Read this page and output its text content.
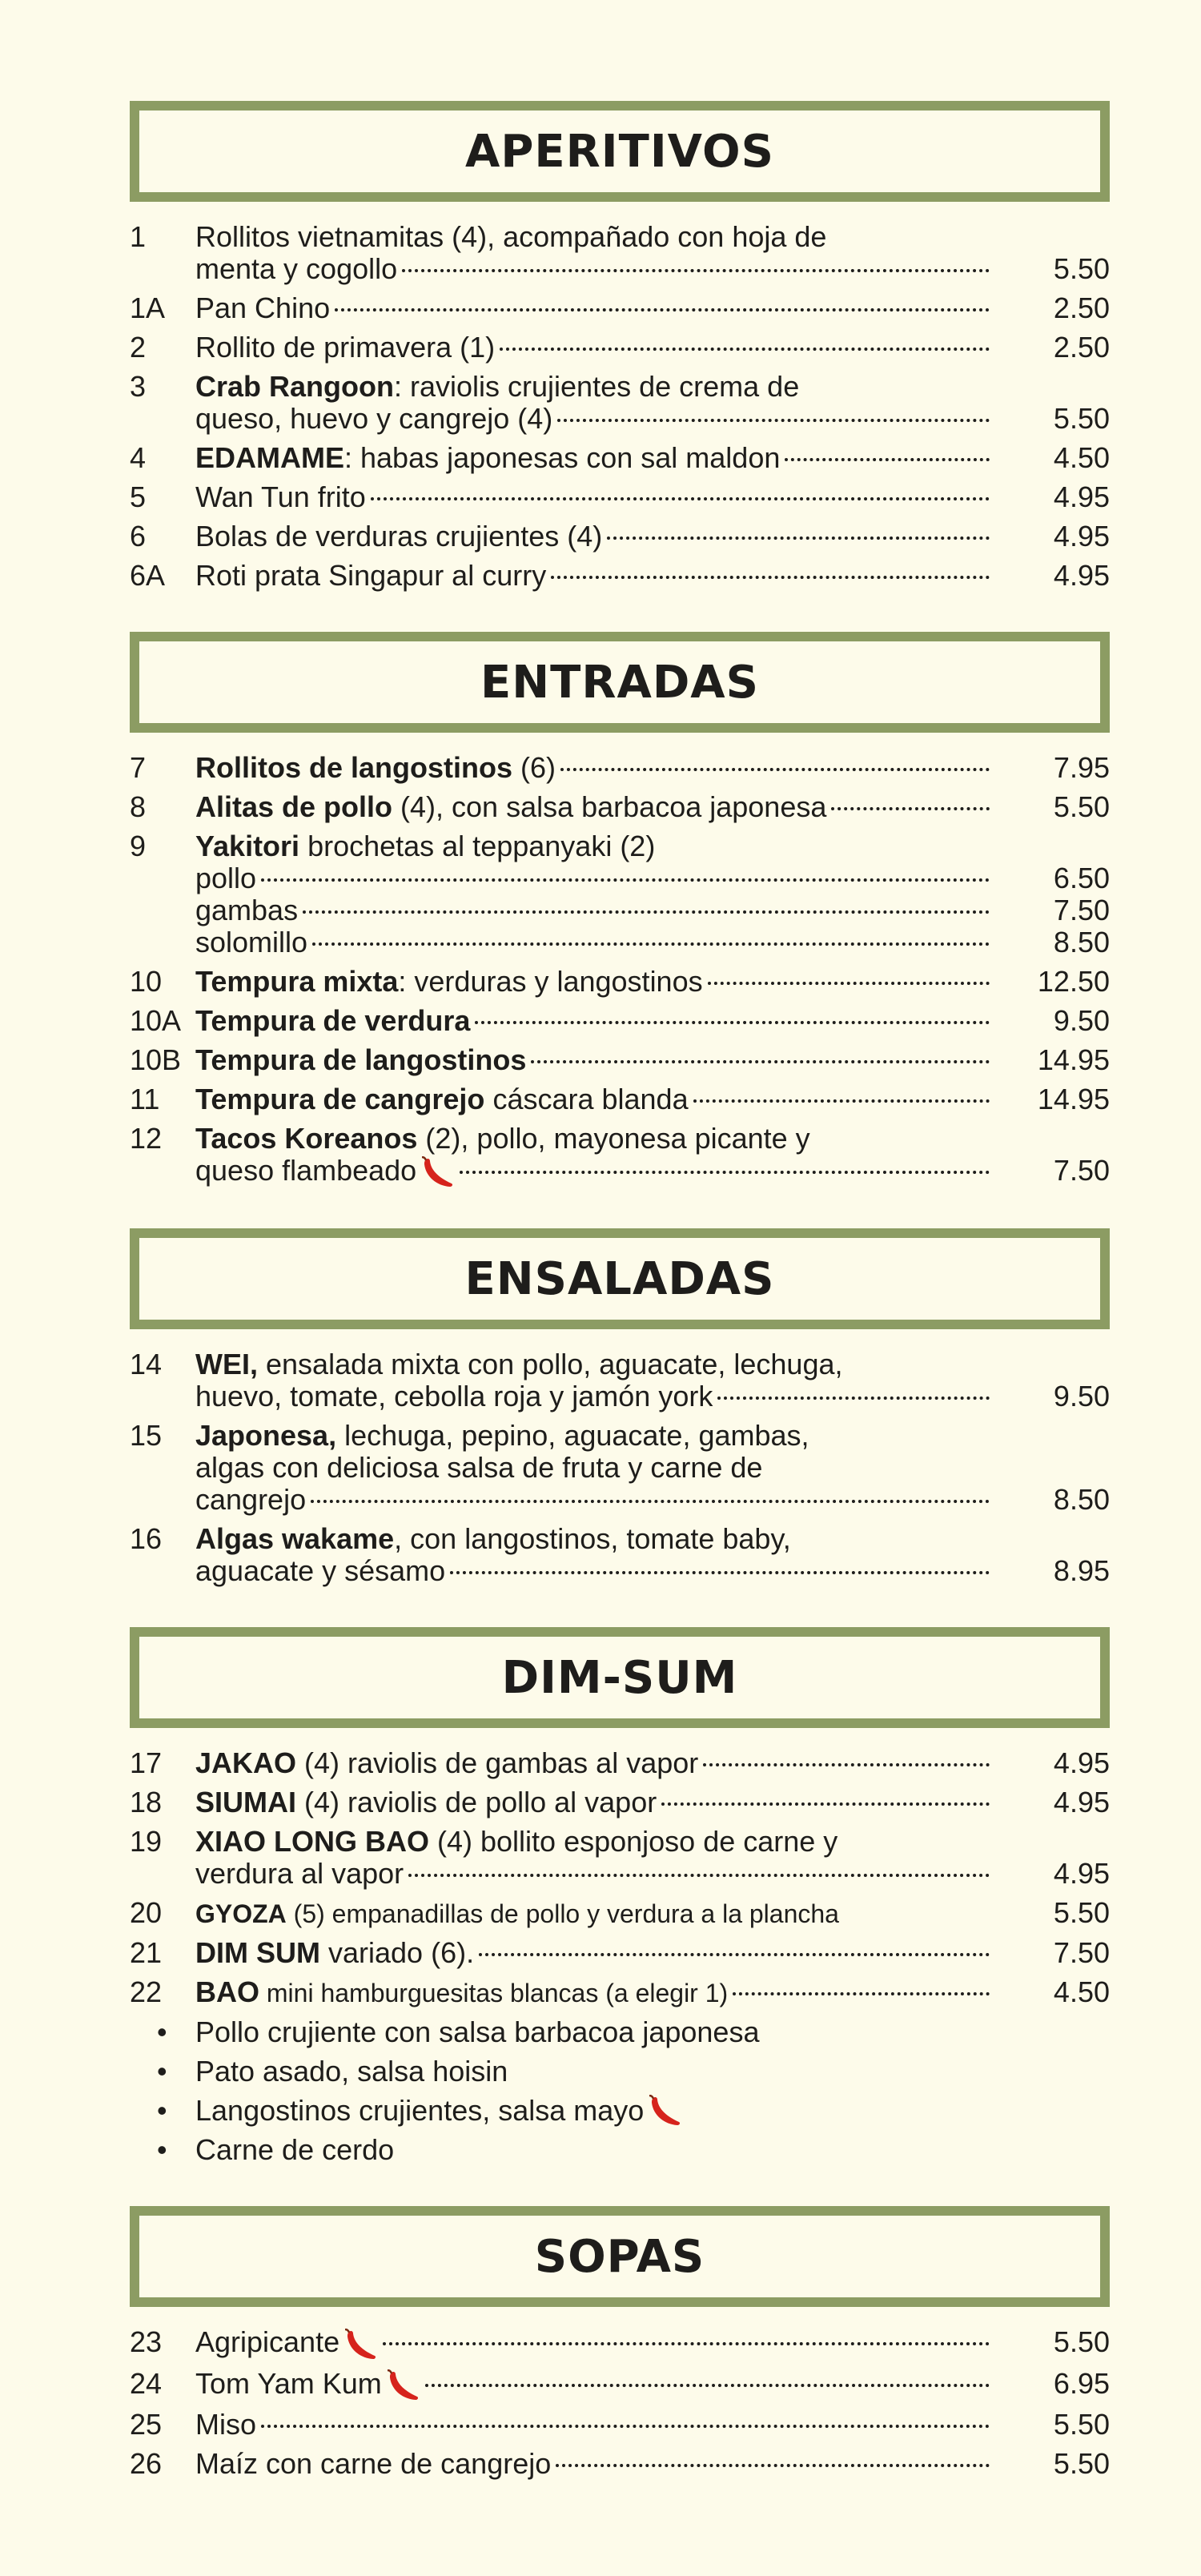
APERITIVOS
1	Rollitos vietnamitas (4), acompañado con hoja de
menta y cogollo	5.50
1A	Pan Chino	2.50
2	Rollito de primavera (1)	2.50
3	Crab Rangoon: raviolis crujientes de crema de
queso, huevo y cangrejo (4)	5.50
4	EDAMAME: habas japonesas con sal maldon	4.50
5	Wan Tun frito	4.95
6	Bolas de verduras crujientes (4)	4.95
6A	Roti prata Singapur al curry	4.95
ENTRADAS
7	Rollitos de langostinos (6)	7.95
8	Alitas de pollo (4), con salsa barbacoa japonesa	5.50
9	Yakitori brochetas al teppanyaki (2)
pollo	6.50
gambas	7.50
solomillo	8.50
10	Tempura mixta: verduras y langostinos	12.50
10A Tempura de verdura	9.50
10B Tempura de langostinos	14.95
11	Tempura de cangrejo cáscara blanda	14.95
12	Tacos Koreanos (2), pollo, mayonesa picante y
queso flambeado	7.50
ENSALADAS
14	WEI, ensalada mixta con pollo, aguacate, lechuga,
huevo, tomate, cebolla roja y jamón york	9.50
15	Japonesa, lechuga, pepino, aguacate, gambas,
algas con deliciosa salsa de fruta y carne de
cangrejo	8.50
16	Algas wakame, con langostinos, tomate baby,
aguacate y sésamo	8.95
DIM-SUM
17	JAKAO (4) raviolis de gambas al vapor	4.95
18	SIUMAI (4) raviolis de pollo al vapor	4.95
19	XIAO LONG BAO (4) bollito esponjoso de carne y
verdura al vapor	4.95
20	GYOZA (5) empanadillas de pollo y verdura a la plancha	5.50
21	DIM SUM variado (6).	7.50
22	BAO mini hamburguesitas blancas (a elegir 1)	4.50
• Pollo crujiente con salsa barbacoa japonesa
• Pato asado, salsa hoisin
• Langostinos crujientes, salsa mayo
• Carne de cerdo
SOPAS
23	Agripicante	5.50
24	Tom Yam Kum	6.95
25	Miso	5.50
26	Maíz con carne de cangrejo	5.50
